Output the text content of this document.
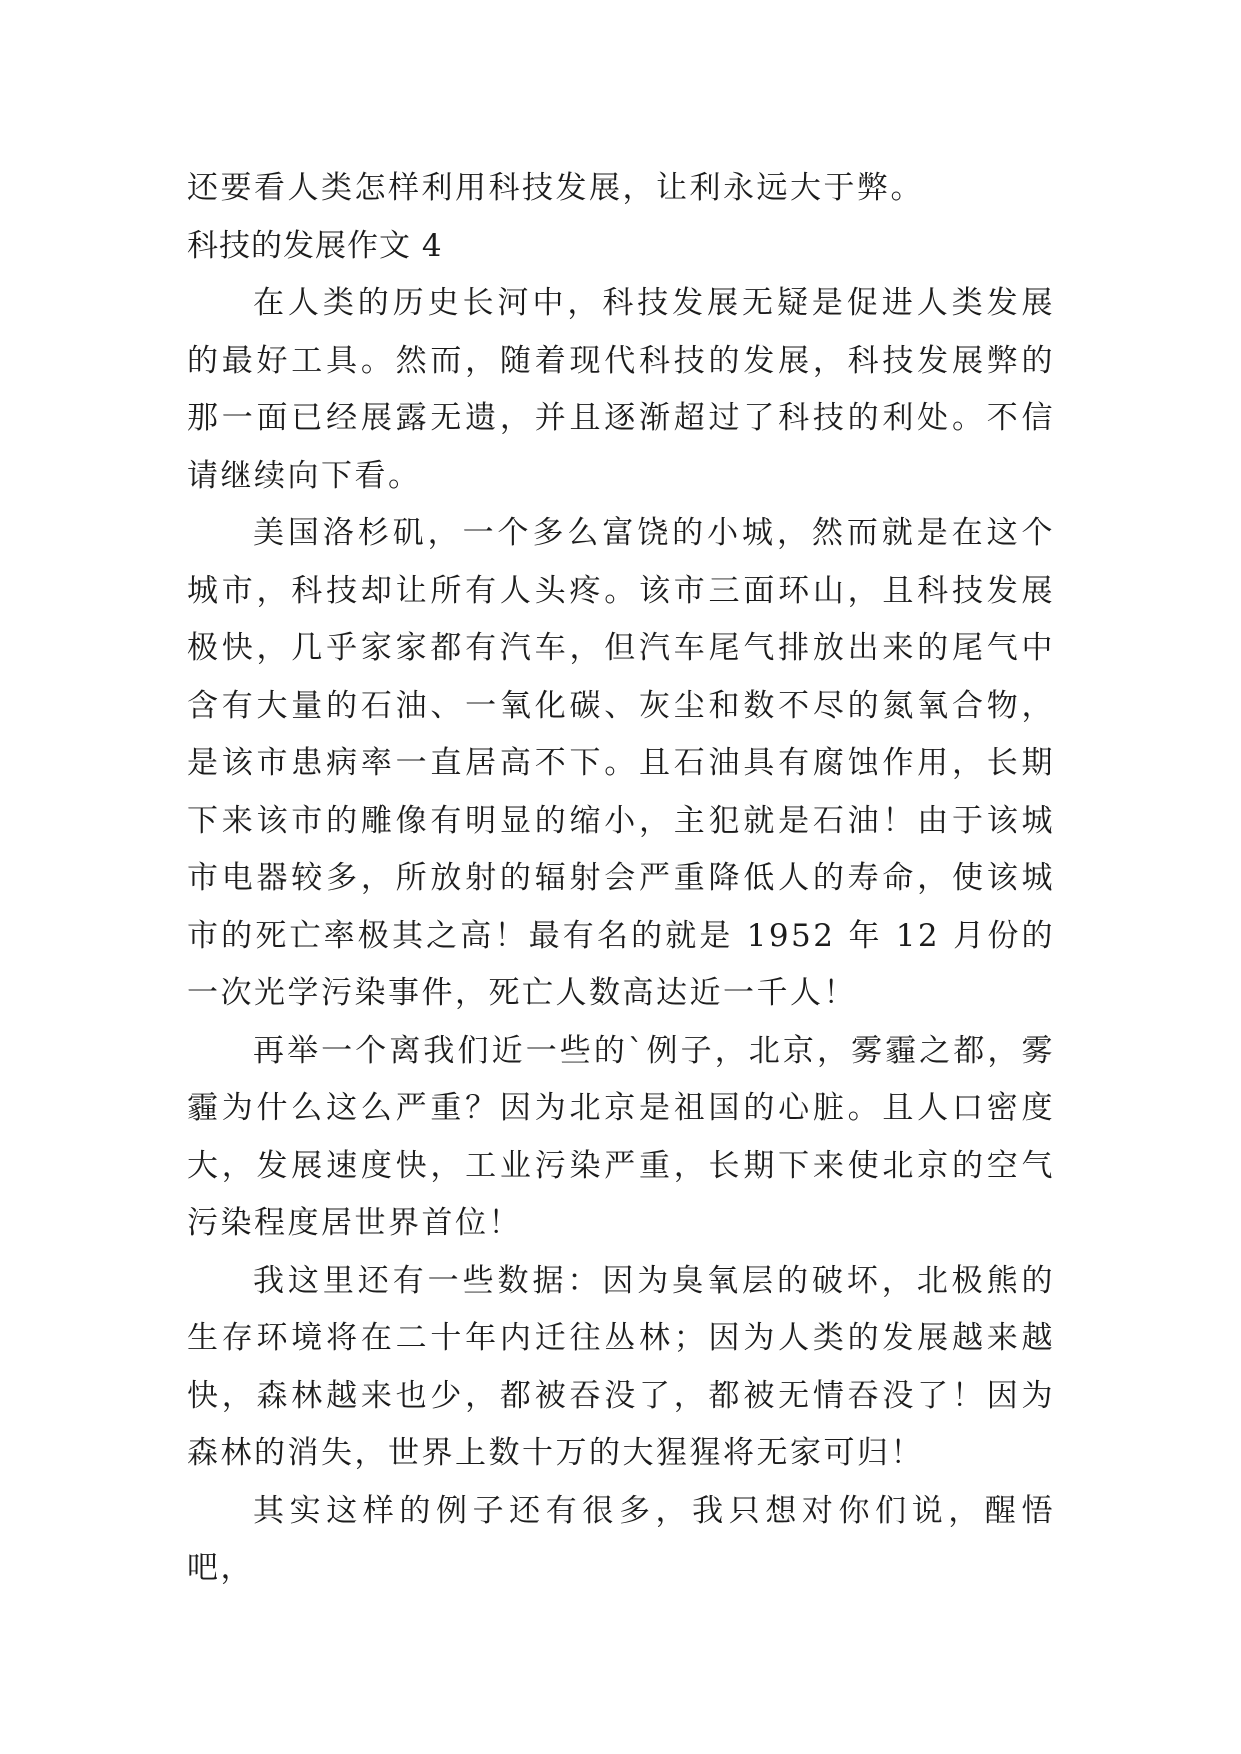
还要看人类怎样利用科技发展，让利永远大于弊。

科技的发展作文 4

在人类的历史长河中，科技发展无疑是促进人类发展的最好工具。然而，随着现代科技的发展，科技发展弊的那一面已经展露无遗，并且逐渐超过了科技的利处。不信请继续向下看。

美国洛杉矶，一个多么富饶的小城，然而就是在这个城市，科技却让所有人头疼。该市三面环山，且科技发展极快，几乎家家都有汽车，但汽车尾气排放出来的尾气中含有大量的石油、一氧化碳、灰尘和数不尽的氮氧合物，是该市患病率一直居高不下。且石油具有腐蚀作用，长期下来该市的雕像有明显的缩小，主犯就是石油！由于该城市电器较多，所放射的辐射会严重降低人的寿命，使该城市的死亡率极其之高！最有名的就是 1952 年 12 月份的一次光学污染事件，死亡人数高达近一千人！

再举一个离我们近一些的`例子，北京，雾霾之都，雾霾为什么这么严重？因为北京是祖国的心脏。且人口密度大，发展速度快，工业污染严重，长期下来使北京的空气污染程度居世界首位！

我这里还有一些数据：因为臭氧层的破坏，北极熊的生存环境将在二十年内迁往丛林；因为人类的发展越来越快，森林越来也少，都被吞没了，都被无情吞没了！因为森林的消失，世界上数十万的大猩猩将无家可归！

其实这样的例子还有很多，我只想对你们说，醒悟吧，
